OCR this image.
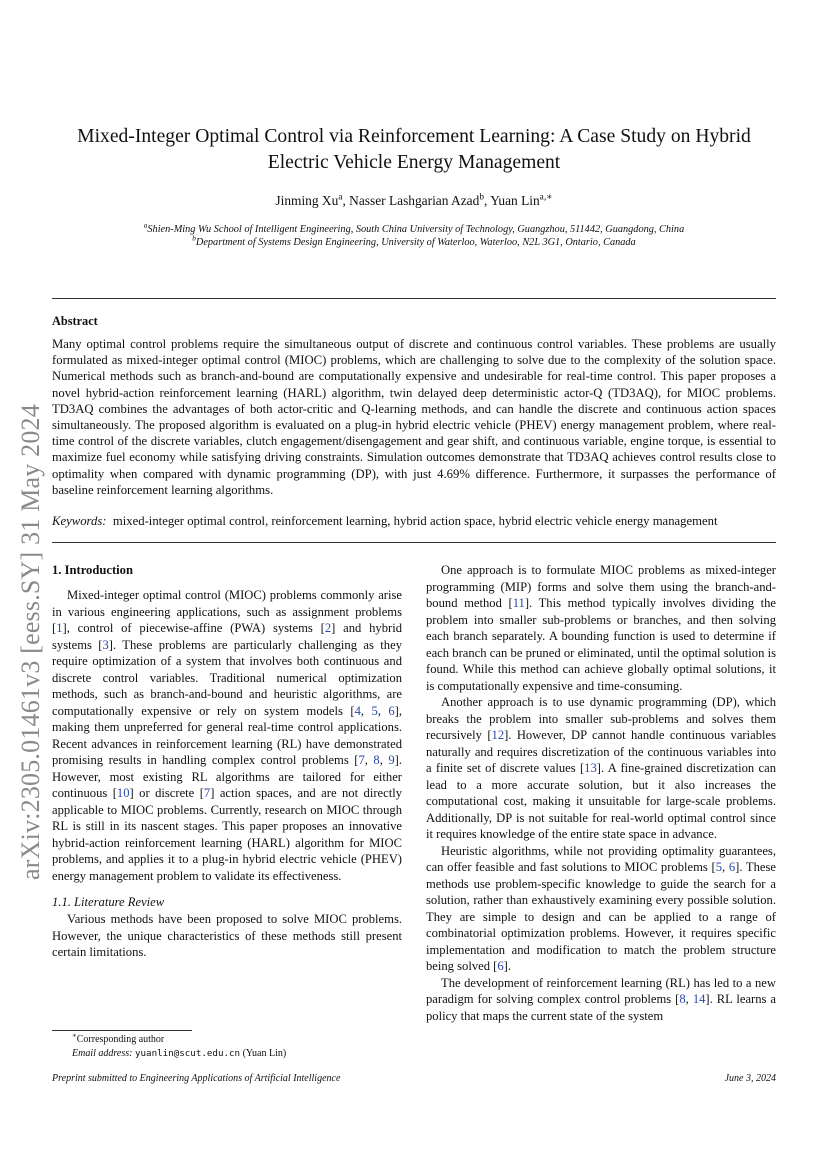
Mixed-Integer Optimal Control via Reinforcement Learning: A Case Study on Hybrid Electric Vehicle Energy Management
Jinming Xu$^a$, Nasser Lashgarian Azad$^b$, Yuan Lin$^{a,∗}$
$^a$Shien-Ming Wu School of Intelligent Engineering, South China University of Technology, Guangzhou, 511442, Guangdong, China
$^b$Department of Systems Design Engineering, University of Waterloo, Waterloo, N2L 3G1, Ontario, Canada
Abstract
Many optimal control problems require the simultaneous output of discrete and continuous control variables. These problems are usually formulated as mixed-integer optimal control (MIOC) problems, which are challenging to solve due to the complexity of the solution space. Numerical methods such as branch-and-bound are computationally expensive and undesirable for real-time control. This paper proposes a novel hybrid-action reinforcement learning (HARL) algorithm, twin delayed deep deterministic actor-Q (TD3AQ), for MIOC problems. TD3AQ combines the advantages of both actor-critic and Q-learning methods, and can handle the discrete and continuous action spaces simultaneously. The proposed algorithm is evaluated on a plug-in hybrid electric vehicle (PHEV) energy management problem, where real-time control of the discrete variables, clutch engagement/disengagement and gear shift, and continuous variable, engine torque, is essential to maximize fuel economy while satisfying driving constraints. Simulation outcomes demonstrate that TD3AQ achieves control results close to optimality when compared with dynamic programming (DP), with just 4.69% difference. Furthermore, it surpasses the performance of baseline reinforcement learning algorithms.
Keywords: mixed-integer optimal control, reinforcement learning, hybrid action space, hybrid electric vehicle energy management
arXiv:2305.01461v3 [eess.SY] 31 May 2024 1. Introduction

Mixed-integer optimal control (MIOC) problems commonly arise in various engineering applications, such as assignment problems [1], control of piecewise-affine (PWA) systems [2] and hybrid systems [3]. These problems are particularly challenging as they require optimization of a system that involves both continuous and discrete control variables. Traditional numerical optimization methods, such as branch-and-bound and heuristic algorithms, are computationally expensive or rely on system models [4, 5, 6], making them unpreferred for general real-time control applications. Recent advances in reinforcement learning (RL) have demonstrated promising results in handling complex control problems [7, 8, 9]. However, most existing RL algorithms are tailored for either continuous [10] or discrete [7] action spaces, and are not directly applicable to MIOC problems. Currently, research on MIOC through RL is still in its nascent stages. This paper proposes an innovative hybrid-action reinforcement learning (HARL) algorithm for MIOC problems, and applies it to a plug-in hybrid electric vehicle (PHEV) energy management problem to validate its effectiveness.

1.1. Literature Review

Various methods have been proposed to solve MIOC problems. However, the unique characteristics of these methods still present certain limitations.

One approach is to formulate MIOC problems as mixed-integer programming (MIP) forms and solve them using the branch-and-bound method [11]. This method typically involves dividing the problem into smaller sub-problems or branches, and then solving each branch separately. A bounding function is used to determine if each branch can be pruned or eliminated, until the optimal solution is found. While this method can achieve globally optimal solutions, it is computationally expensive and time-consuming.

Another approach is to use dynamic programming (DP), which breaks the problem into smaller sub-problems and solves them recursively [12]. However, DP cannot handle continuous variables naturally and requires discretization of the continuous variables into a finite set of discrete values [13]. A fine-grained discretization can lead to a more accurate solution, but it also increases the computational cost, making it unsuitable for large-scale problems. Additionally, DP is not suitable for real-world optimal control since it requires knowledge of the entire state space in advance.

Heuristic algorithms, while not providing optimality guarantees, can offer feasible and fast solutions to MIOC problems [5, 6]. These methods use problem-specific knowledge to guide the search for a solution, rather than exhaustively examining every possible solution. They are simple to design and can be applied to a range of combinatorial optimization problems. However, it requires specific implementation and modification to match the problem structure being solved [6].

The development of reinforcement learning (RL) has led to a new paradigm for solving complex control problems [8, 14]. RL learns a policy that maps the current state of the system

∗Corresponding author
Email address: yuanlin@scut.edu.cn (Yuan Lin)
Preprint submitted to Engineering Applications of Artificial Intelligence	June 3, 2024
